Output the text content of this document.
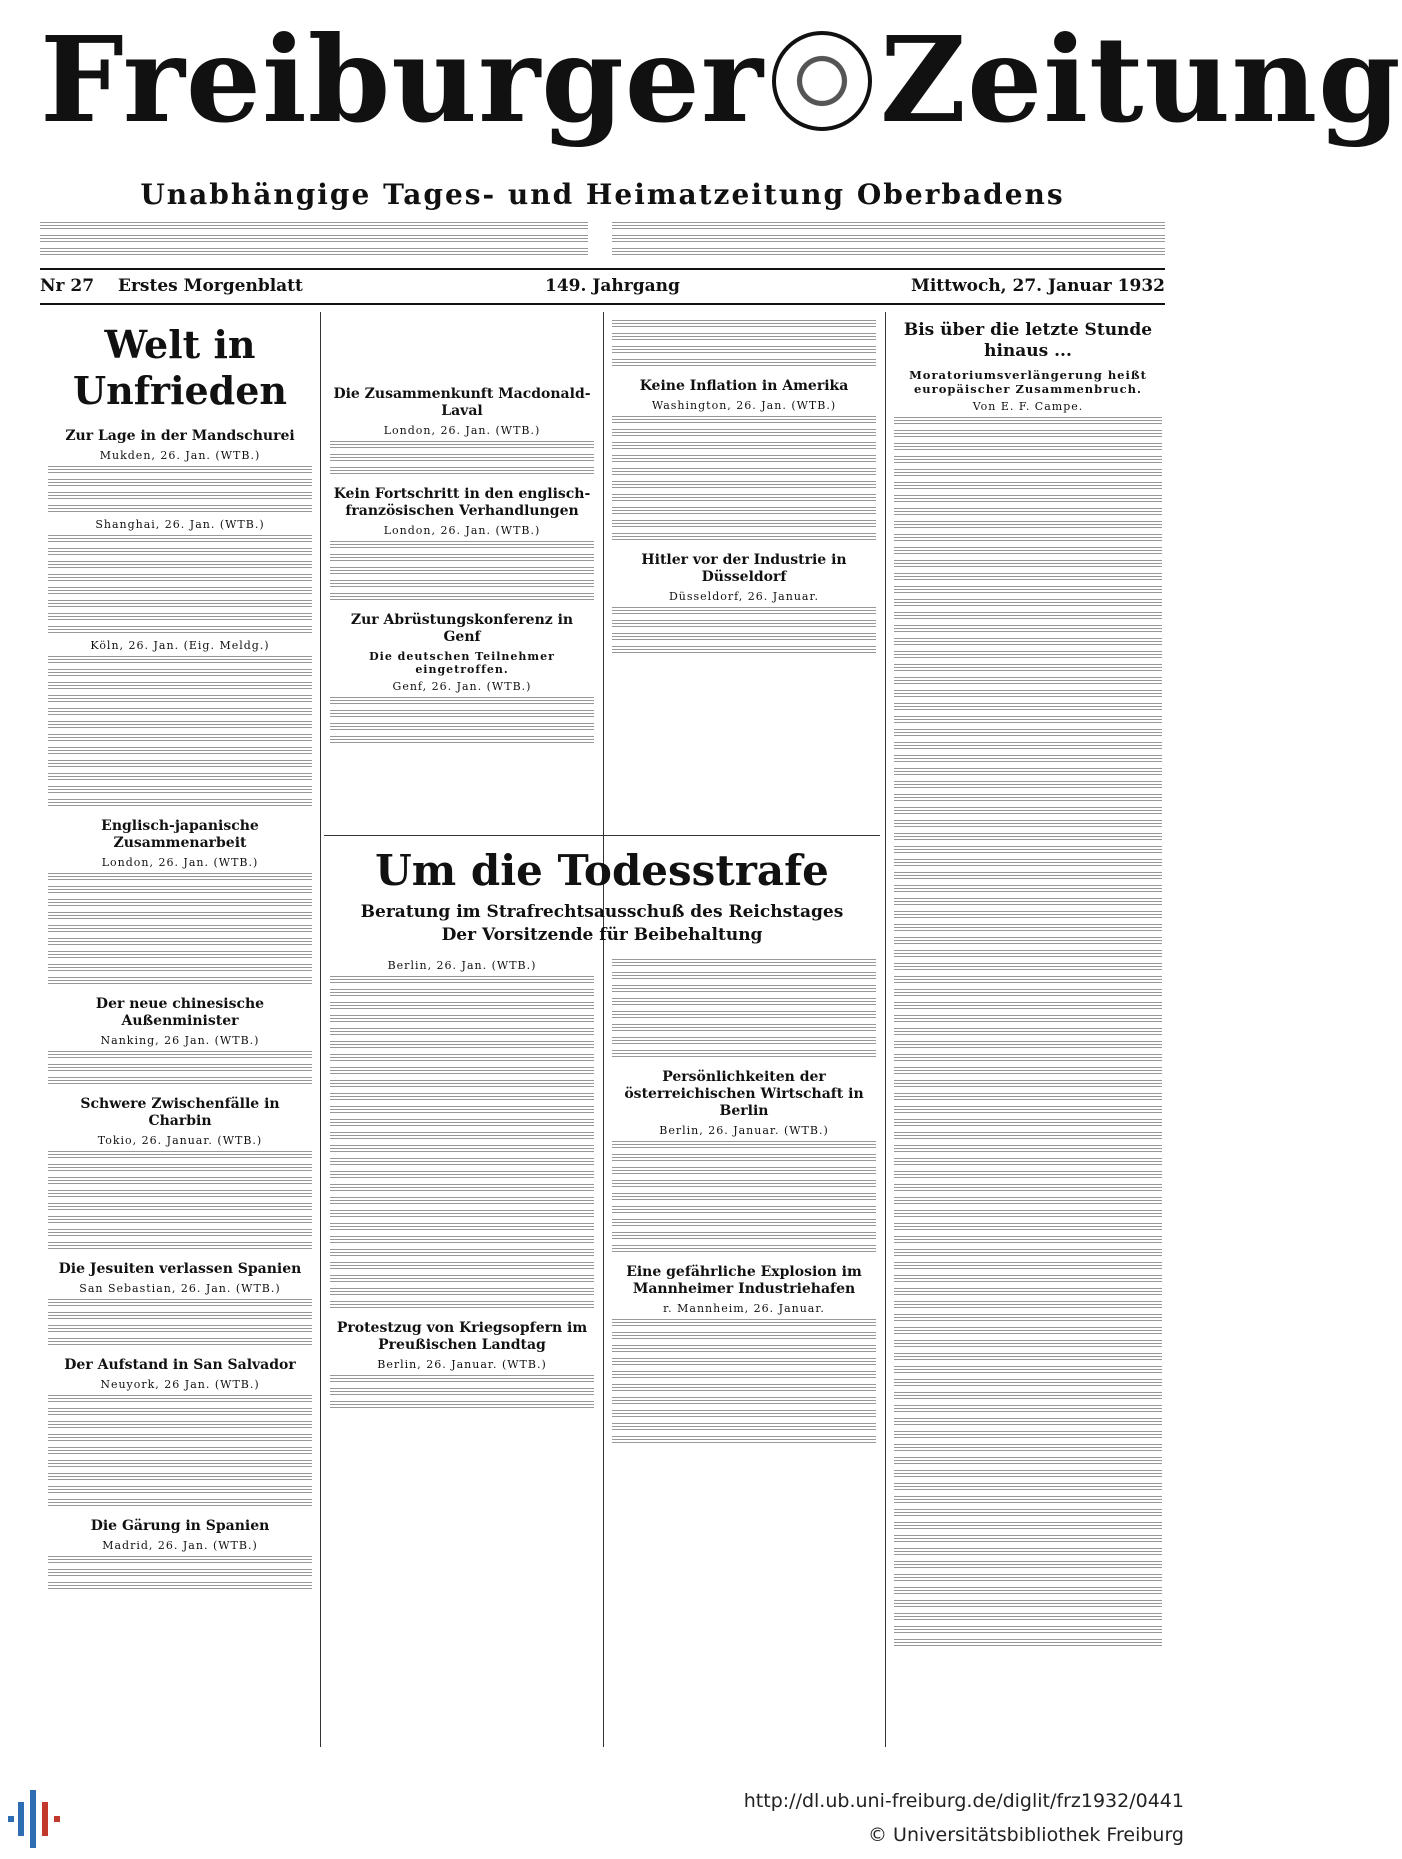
Freiburger Zeitung
Unabhängige Tages- und Heimatzeitung Oberbadens
Nr 27 Erstes Morgenblatt	149. Jahrgang	Mittwoch, 27. Januar 1932
Welt in Unfrieden
Zur Lage in der Mandschurei
Mukden, 26. Jan. (WTB.)
Shanghai, 26. Jan. (WTB.)
Köln, 26. Jan. (Eig. Meldg.)
Englisch-japanische Zusammenarbeit
London, 26. Jan. (WTB.)
Der neue chinesische Außenminister
Nanking, 26 Jan. (WTB.)
Schwere Zwischenfälle in Charbin
Tokio, 26. Januar. (WTB.)
Die Jesuiten verlassen Spanien
San Sebastian, 26. Jan. (WTB.)
Der Aufstand in San Salvador
Neuyork, 26 Jan. (WTB.)
Die Gärung in Spanien
Madrid, 26. Jan. (WTB.)
Die Zusammenkunft Macdonald-Laval
London, 26. Jan. (WTB.)
Kein Fortschritt in den englisch-französischen Verhandlungen
London, 26. Jan. (WTB.)
Zur Abrüstungskonferenz in Genf
Die deutschen Teilnehmer eingetroffen.
Genf, 26. Jan. (WTB.)
Keine Inflation in Amerika
Washington, 26. Jan. (WTB.)
Hitler vor der Industrie in Düsseldorf
Düsseldorf, 26. Januar.
Um die Todesstrafe
Beratung im Strafrechtsausschuß des Reichstages
Der Vorsitzende für Beibehaltung
Berlin, 26. Jan. (WTB.)
Protestzug von Kriegsopfern im Preußischen Landtag
Berlin, 26. Januar. (WTB.)
Persönlichkeiten der österreichischen Wirtschaft in Berlin
Berlin, 26. Januar. (WTB.)
Eine gefährliche Explosion im Mannheimer Industriehafen
r. Mannheim, 26. Januar.
Bis über die letzte Stunde hinaus ...
Moratoriumsverlängerung heißt europäischer Zusammenbruch.
Von E. F. Campe.
http://dl.ub.uni-freiburg.de/diglit/frz1932/0441
© Universitätsbibliothek Freiburg
